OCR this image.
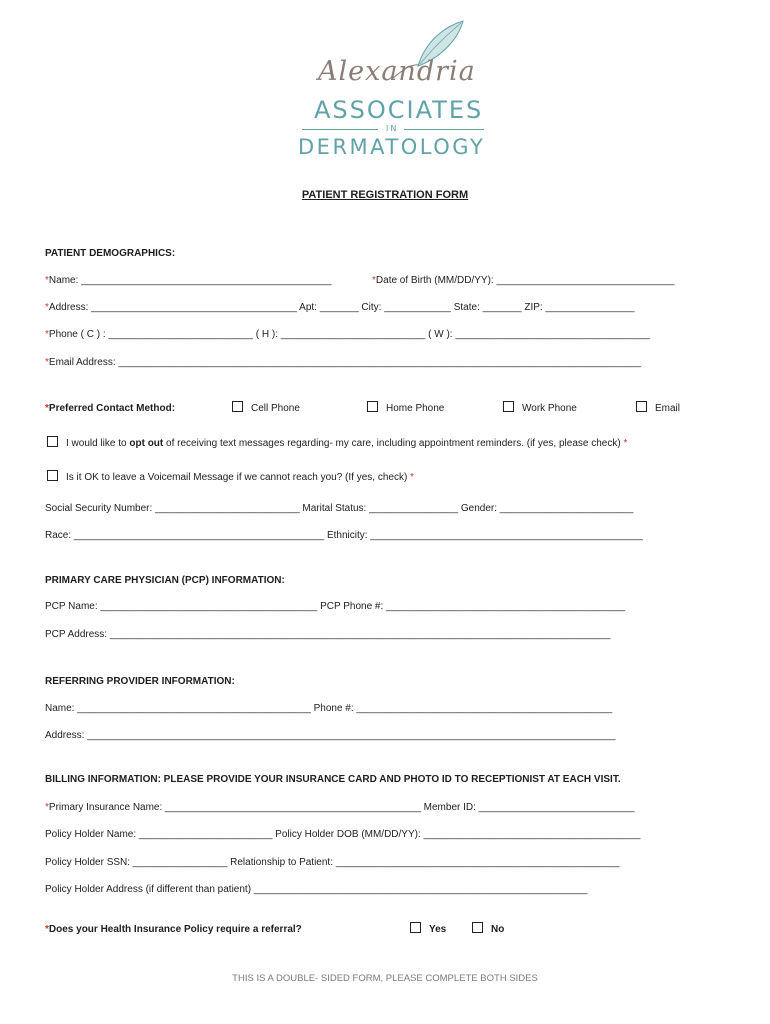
Alexandria
ASSOCIATES
IN
DERMATOLOGY
PATIENT REGISTRATION FORM
PATIENT DEMOGRAPHICS:
*Name: _____________________________________________	*Date of Birth (MM/DD/YY): ________________________________
*Address: _____________________________________ Apt: _______ City: ____________ State: _______ ZIP: ________________
*Phone ( C ) : __________________________ ( H ): __________________________ ( W ): ___________________________________
*Email Address: ______________________________________________________________________________________________
*Preferred Contact Method:	Cell Phone	Home Phone	Work Phone	Email
I would like to opt out of receiving text messages regarding- my care, including appointment reminders. (if yes, please check) *
Is it OK to leave a Voicemail Message if we cannot reach you? (If yes, check) *
Social Security Number: __________________________ Marital Status: ________________ Gender: ________________________
Race: _____________________________________________ Ethnicity: _________________________________________________
PRIMARY CARE PHYSICIAN (PCP) INFORMATION:
PCP Name: _______________________________________ PCP Phone #: ___________________________________________
PCP Address: __________________________________________________________________________________________
REFERRING PROVIDER INFORMATION:
Name: __________________________________________ Phone #: ______________________________________________
Address: _______________________________________________________________________________________________
BILLING INFORMATION: PLEASE PROVIDE YOUR INSURANCE CARD AND PHOTO ID TO RECEPTIONIST AT EACH VISIT.
*Primary Insurance Name: ______________________________________________ Member ID: ____________________________
Policy Holder Name: ________________________ Policy Holder DOB (MM/DD/YY): _______________________________________
Policy Holder SSN: _________________ Relationship to Patient: ___________________________________________________
Policy Holder Address (if different than patient) ____________________________________________________________
*Does your Health Insurance Policy require a referral?	Yes	No
THIS IS A DOUBLE- SIDED FORM, PLEASE COMPLETE BOTH SIDES
